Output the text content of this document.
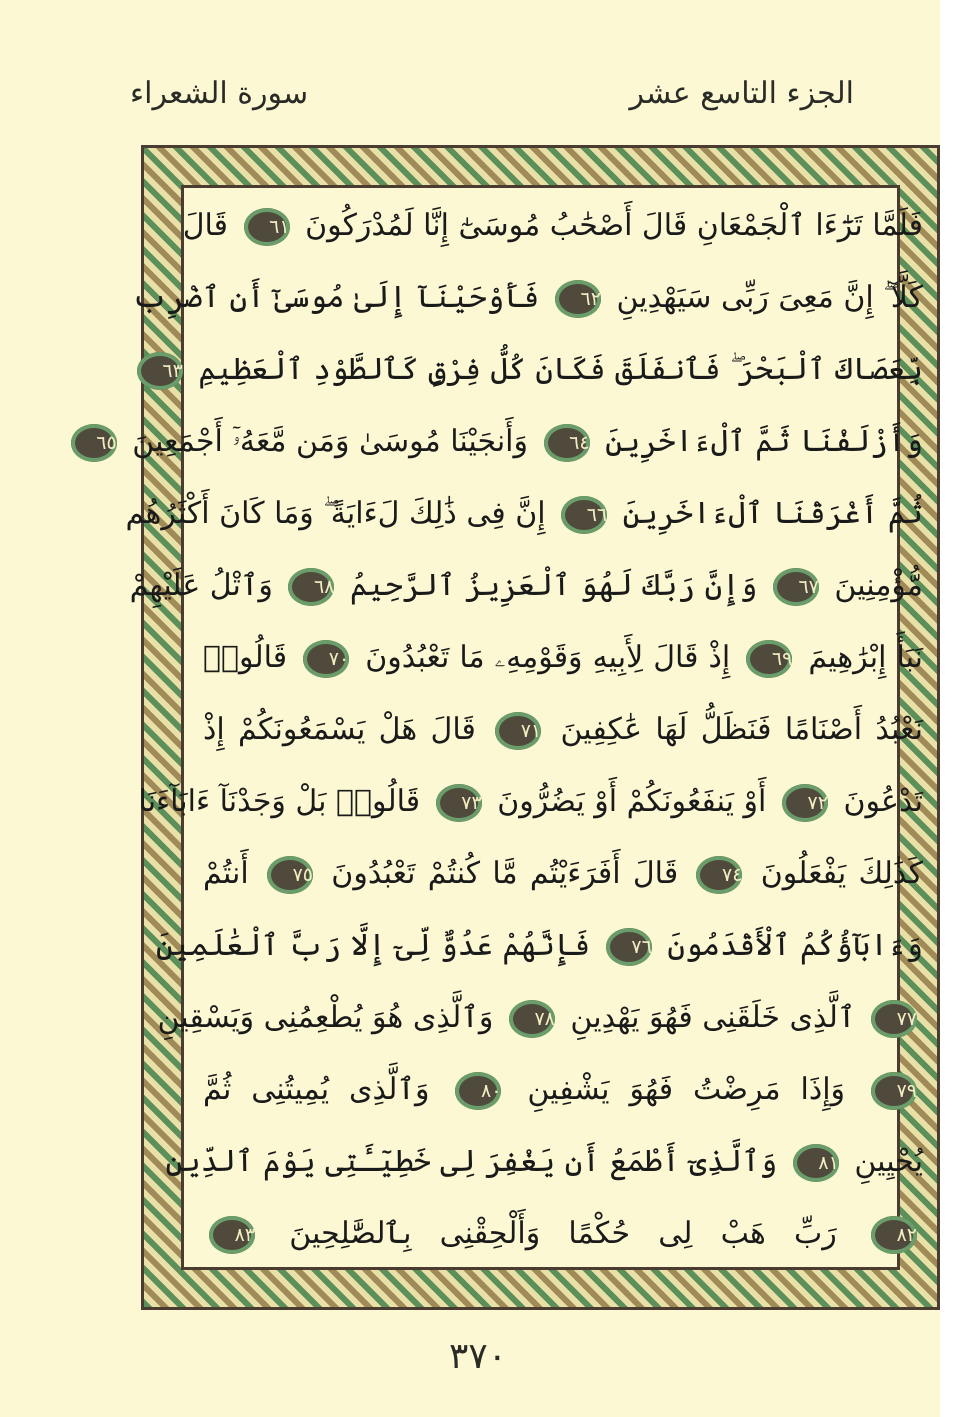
سورة الشعراء	الجزء التاسع عشر
فَلَمَّا تَرَٰٓءَا ٱلْجَمْعَانِ قَالَ أَصْحَٰبُ مُوسَىٰٓ إِنَّا لَمُدْرَكُونَ ٦١ قَالَ
كَلَّآ ۖ إِنَّ مَعِىَ رَبِّى سَيَهْدِينِ ٦٢ فَأَوْحَيْنَآ إِلَىٰ مُوسَىٰٓ أَنِ ٱضْرِب
بِّعَصَاكَ ٱلْبَحْرَ ۖ فَٱنفَلَقَ فَكَانَ كُلُّ فِرْقٍ كَٱلطَّوْدِ ٱلْعَظِيمِ ٦٣
وَأَزْلَفْنَا ثَمَّ ٱلْءَاخَرِينَ ٦٤ وَأَنجَيْنَا مُوسَىٰ وَمَن مَّعَهُۥٓ أَجْمَعِينَ ٦٥
ثُمَّ أَغْرَقْنَا ٱلْءَاخَرِينَ ٦٦ إِنَّ فِى ذَٰلِكَ لَءَايَةً ۖ وَمَا كَانَ أَكْثَرُهُم
مُّؤْمِنِينَ ٦٧ وَإِنَّ رَبَّكَ لَهُوَ ٱلْعَزِيزُ ٱلرَّحِيمُ ٦٨ وَٱتْلُ عَلَيْهِمْ
نَبَأَ إِبْرَٰهِيمَ ٦٩ إِذْ قَالَ لِأَبِيهِ وَقَوْمِهِۦ مَا تَعْبُدُونَ ٧٠ قَالُوا۟
نَعْبُدُ أَصْنَامًا فَنَظَلُّ لَهَا عَٰكِفِينَ ٧١ قَالَ هَلْ يَسْمَعُونَكُمْ إِذْ
تَدْعُونَ ٧٢ أَوْ يَنفَعُونَكُمْ أَوْ يَضُرُّونَ ٧٣ قَالُوا۟ بَلْ وَجَدْنَآ ءَابَآءَنَا
كَذَٰلِكَ يَفْعَلُونَ ٧٤ قَالَ أَفَرَءَيْتُم مَّا كُنتُمْ تَعْبُدُونَ ٧٥ أَنتُمْ
وَءَابَآؤُكُمُ ٱلْأَقْدَمُونَ ٧٦ فَإِنَّهُمْ عَدُوٌّ لِّىٓ إِلَّا رَبَّ ٱلْعَٰلَمِينَ
٧٧ ٱلَّذِى خَلَقَنِى فَهُوَ يَهْدِينِ ٧٨ وَٱلَّذِى هُوَ يُطْعِمُنِى وَيَسْقِينِ
٧٩ وَإِذَا مَرِضْتُ فَهُوَ يَشْفِينِ ٨٠ وَٱلَّذِى يُمِيتُنِى ثُمَّ
يُحْيِينِ ٨١ وَٱلَّذِىٓ أَطْمَعُ أَن يَغْفِرَ لِى خَطِيٓـَٔتِى يَوْمَ ٱلدِّينِ
٨٢ رَبِّ هَبْ لِى حُكْمًا وَأَلْحِقْنِى بِٱلصَّٰلِحِينَ ٨٣
٣٧٠
